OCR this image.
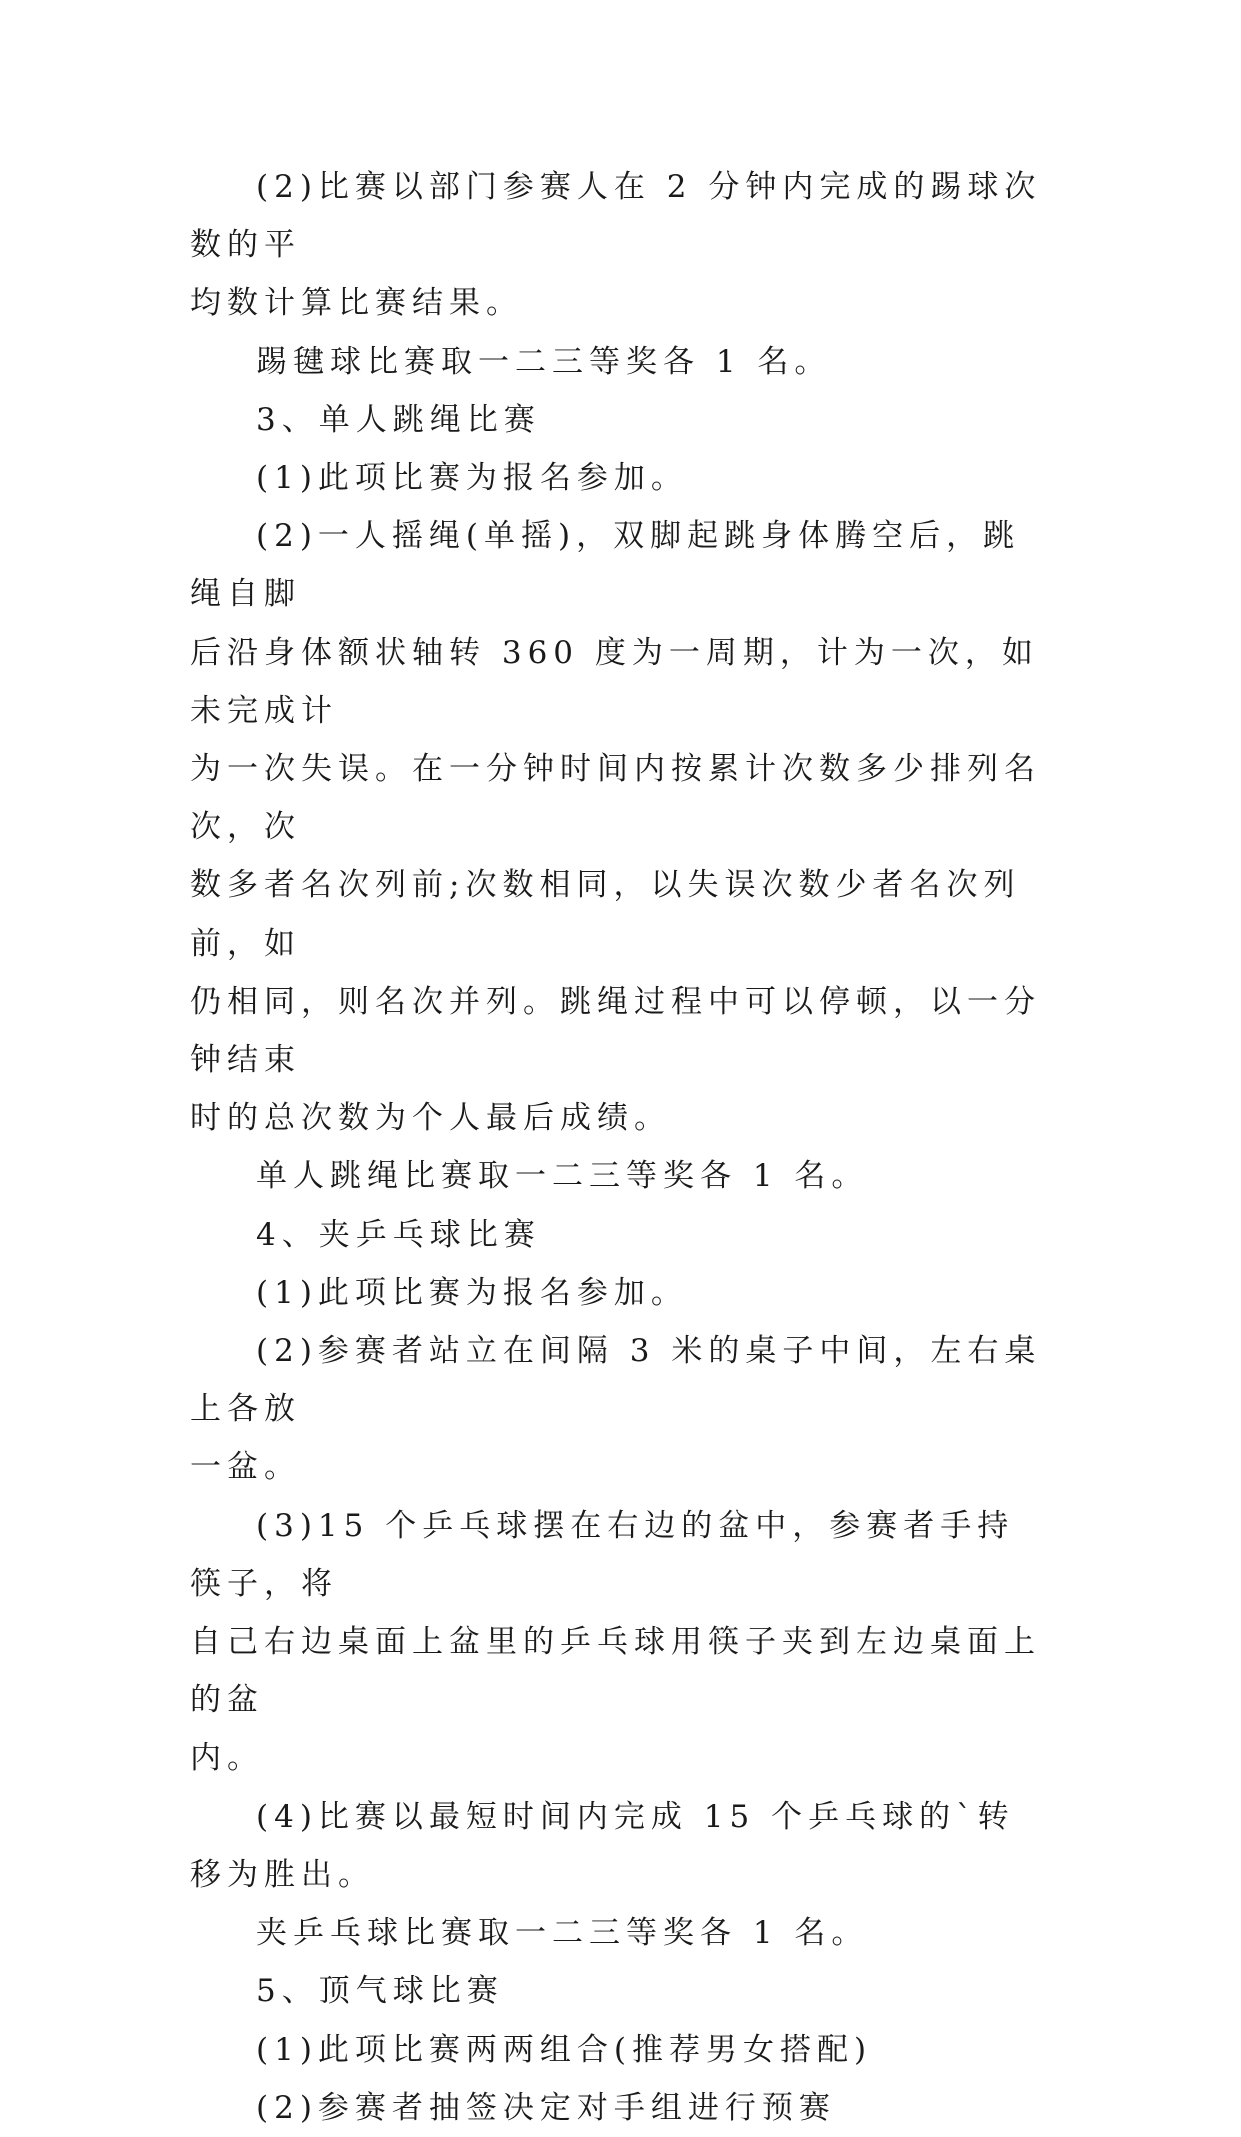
(2)比赛以部门参赛人在 2 分钟内完成的踢球次数的平

均数计算比赛结果。

踢毽球比赛取一二三等奖各 1 名。

3、单人跳绳比赛

(1)此项比赛为报名参加。

(2)一人摇绳(单摇)，双脚起跳身体腾空后，跳绳自脚

后沿身体额状轴转 360 度为一周期，计为一次，如未完成计

为一次失误。在一分钟时间内按累计次数多少排列名次，次

数多者名次列前;次数相同，以失误次数少者名次列前，如

仍相同，则名次并列。跳绳过程中可以停顿，以一分钟结束

时的总次数为个人最后成绩。

单人跳绳比赛取一二三等奖各 1 名。

4、夹乒乓球比赛

(1)此项比赛为报名参加。

(2)参赛者站立在间隔 3 米的桌子中间，左右桌上各放

一盆。

(3)15 个乒乓球摆在右边的盆中，参赛者手持筷子，将

自己右边桌面上盆里的乒乓球用筷子夹到左边桌面上的盆

内。

(4)比赛以最短时间内完成 15 个乒乓球的`转移为胜出。

夹乒乓球比赛取一二三等奖各 1 名。

5、顶气球比赛

(1)此项比赛两两组合(推荐男女搭配)

(2)参赛者抽签决定对手组进行预赛
